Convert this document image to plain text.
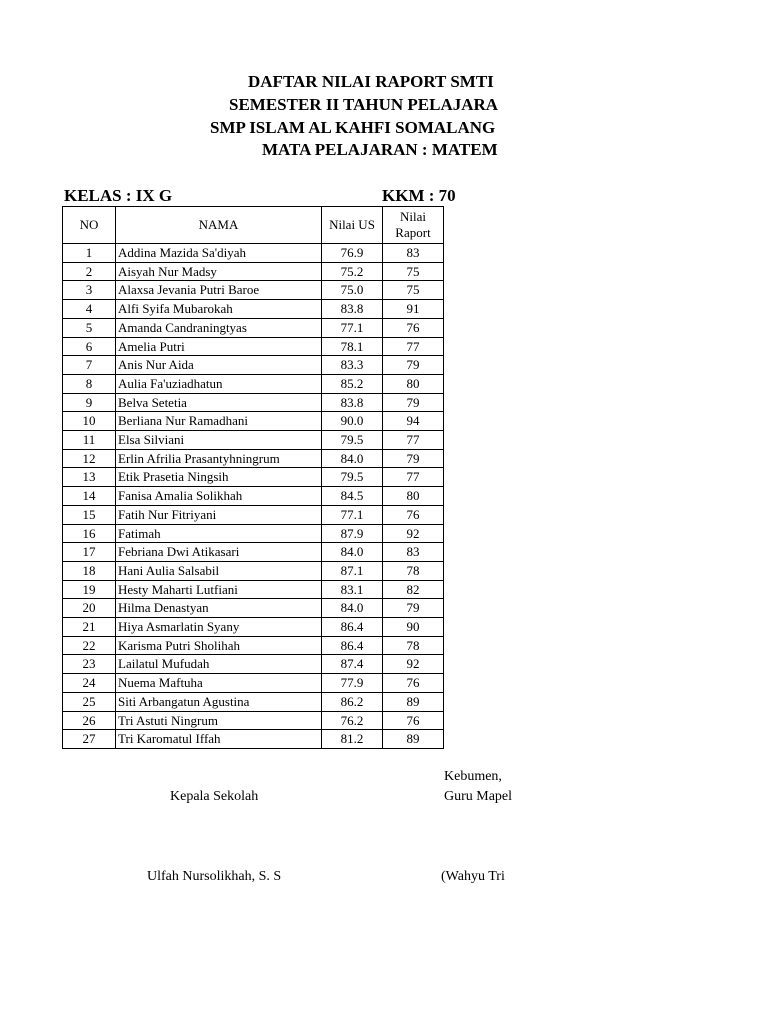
DAFTAR NILAI RAPORT SMTI
SEMESTER II TAHUN PELAJARA
SMP ISLAM AL KAHFI SOMALANG
MATA PELAJARAN : MATEM
KELAS : IX G	KKM : 70
NO	NAMA	Nilai US	Nilai Raport
1	Addina Mazida Sa'diyah	76.9	83
2	Aisyah Nur Madsy	75.2	75
3	Alaxsa Jevania Putri Baroe	75.0	75
4	Alfi Syifa Mubarokah	83.8	91
5	Amanda Candraningtyas	77.1	76
6	Amelia Putri	78.1	77
7	Anis Nur Aida	83.3	79
8	Aulia Fa'uziadhatun	85.2	80
9	Belva Setetia	83.8	79
10	Berliana Nur Ramadhani	90.0	94
11	Elsa Silviani	79.5	77
12	Erlin Afrilia Prasantyhningrum	84.0	79
13	Etik Prasetia Ningsih	79.5	77
14	Fanisa Amalia Solikhah	84.5	80
15	Fatih Nur Fitriyani	77.1	76
16	Fatimah	87.9	92
17	Febriana Dwi Atikasari	84.0	83
18	Hani Aulia Salsabil	87.1	78
19	Hesty Maharti Lutfiani	83.1	82
20	Hilma Denastyan	84.0	79
21	Hiya Asmarlatin Syany	86.4	90
22	Karisma Putri Sholihah	86.4	78
23	Lailatul Mufudah	87.4	92
24	Nuema Maftuha	77.9	76
25	Siti Arbangatun Agustina	86.2	89
26	Tri Astuti Ningrum	76.2	76
27	Tri Karomatul Iffah	81.2	89
Kebumen,
Kepala Sekolah	Guru Mapel
Ulfah Nursolikhah, S. S	(Wahyu Tri
